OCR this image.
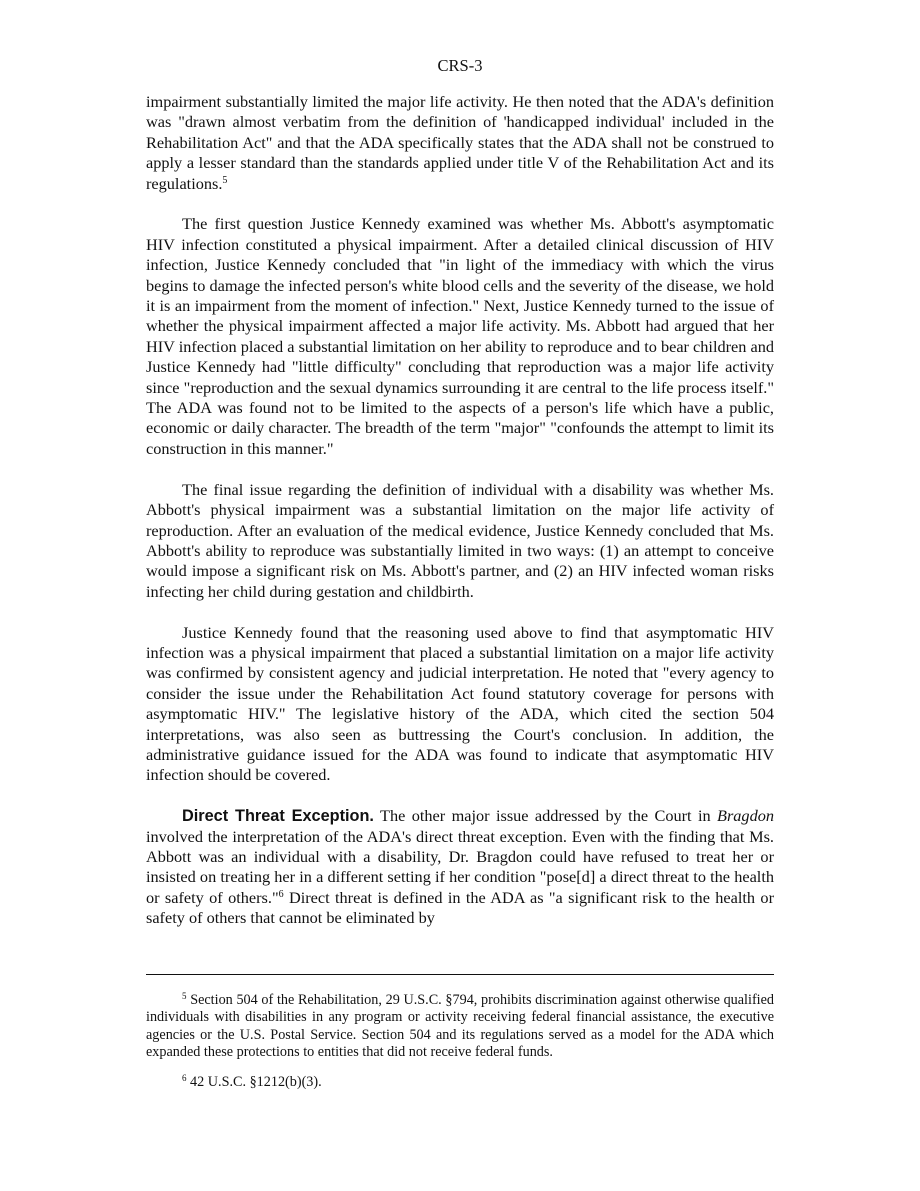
CRS-3

impairment substantially limited the major life activity. He then noted that the ADA's definition was "drawn almost verbatim from the definition of 'handicapped individual' included in the Rehabilitation Act" and that the ADA specifically states that the ADA shall not be construed to apply a lesser standard than the standards applied under title V of the Rehabilitation Act and its regulations.$^5$

The first question Justice Kennedy examined was whether Ms. Abbott's asymptomatic HIV infection constituted a physical impairment. After a detailed clinical discussion of HIV infection, Justice Kennedy concluded that "in light of the immediacy with which the virus begins to damage the infected person's white blood cells and the severity of the disease, we hold it is an impairment from the moment of infection." Next, Justice Kennedy turned to the issue of whether the physical impairment affected a major life activity. Ms. Abbott had argued that her HIV infection placed a substantial limitation on her ability to reproduce and to bear children and Justice Kennedy had "little difficulty" concluding that reproduction was a major life activity since "reproduction and the sexual dynamics surrounding it are central to the life process itself." The ADA was found not to be limited to the aspects of a person's life which have a public, economic or daily character. The breadth of the term "major" "confounds the attempt to limit its construction in this manner."

The final issue regarding the definition of individual with a disability was whether Ms. Abbott's physical impairment was a substantial limitation on the major life activity of reproduction. After an evaluation of the medical evidence, Justice Kennedy concluded that Ms. Abbott's ability to reproduce was substantially limited in two ways: (1) an attempt to conceive would impose a significant risk on Ms. Abbott's partner, and (2) an HIV infected woman risks infecting her child during gestation and childbirth.

Justice Kennedy found that the reasoning used above to find that asymptomatic HIV infection was a physical impairment that placed a substantial limitation on a major life activity was confirmed by consistent agency and judicial interpretation. He noted that "every agency to consider the issue under the Rehabilitation Act found statutory coverage for persons with asymptomatic HIV." The legislative history of the ADA, which cited the section 504 interpretations, was also seen as buttressing the Court's conclusion. In addition, the administrative guidance issued for the ADA was found to indicate that asymptomatic HIV infection should be covered.

Direct Threat Exception. The other major issue addressed by the Court in Bragdon involved the interpretation of the ADA's direct threat exception. Even with the finding that Ms. Abbott was an individual with a disability, Dr. Bragdon could have refused to treat her or insisted on treating her in a different setting if her condition "pose[d] a direct threat to the health or safety of others."$^6$ Direct threat is defined in the ADA as "a significant risk to the health or safety of others that cannot be eliminated by

$^5$ Section 504 of the Rehabilitation, 29 U.S.C. §794, prohibits discrimination against otherwise qualified individuals with disabilities in any program or activity receiving federal financial assistance, the executive agencies or the U.S. Postal Service. Section 504 and its regulations served as a model for the ADA which expanded these protections to entities that did not receive federal funds.

$^6$ 42 U.S.C. §1212(b)(3).
